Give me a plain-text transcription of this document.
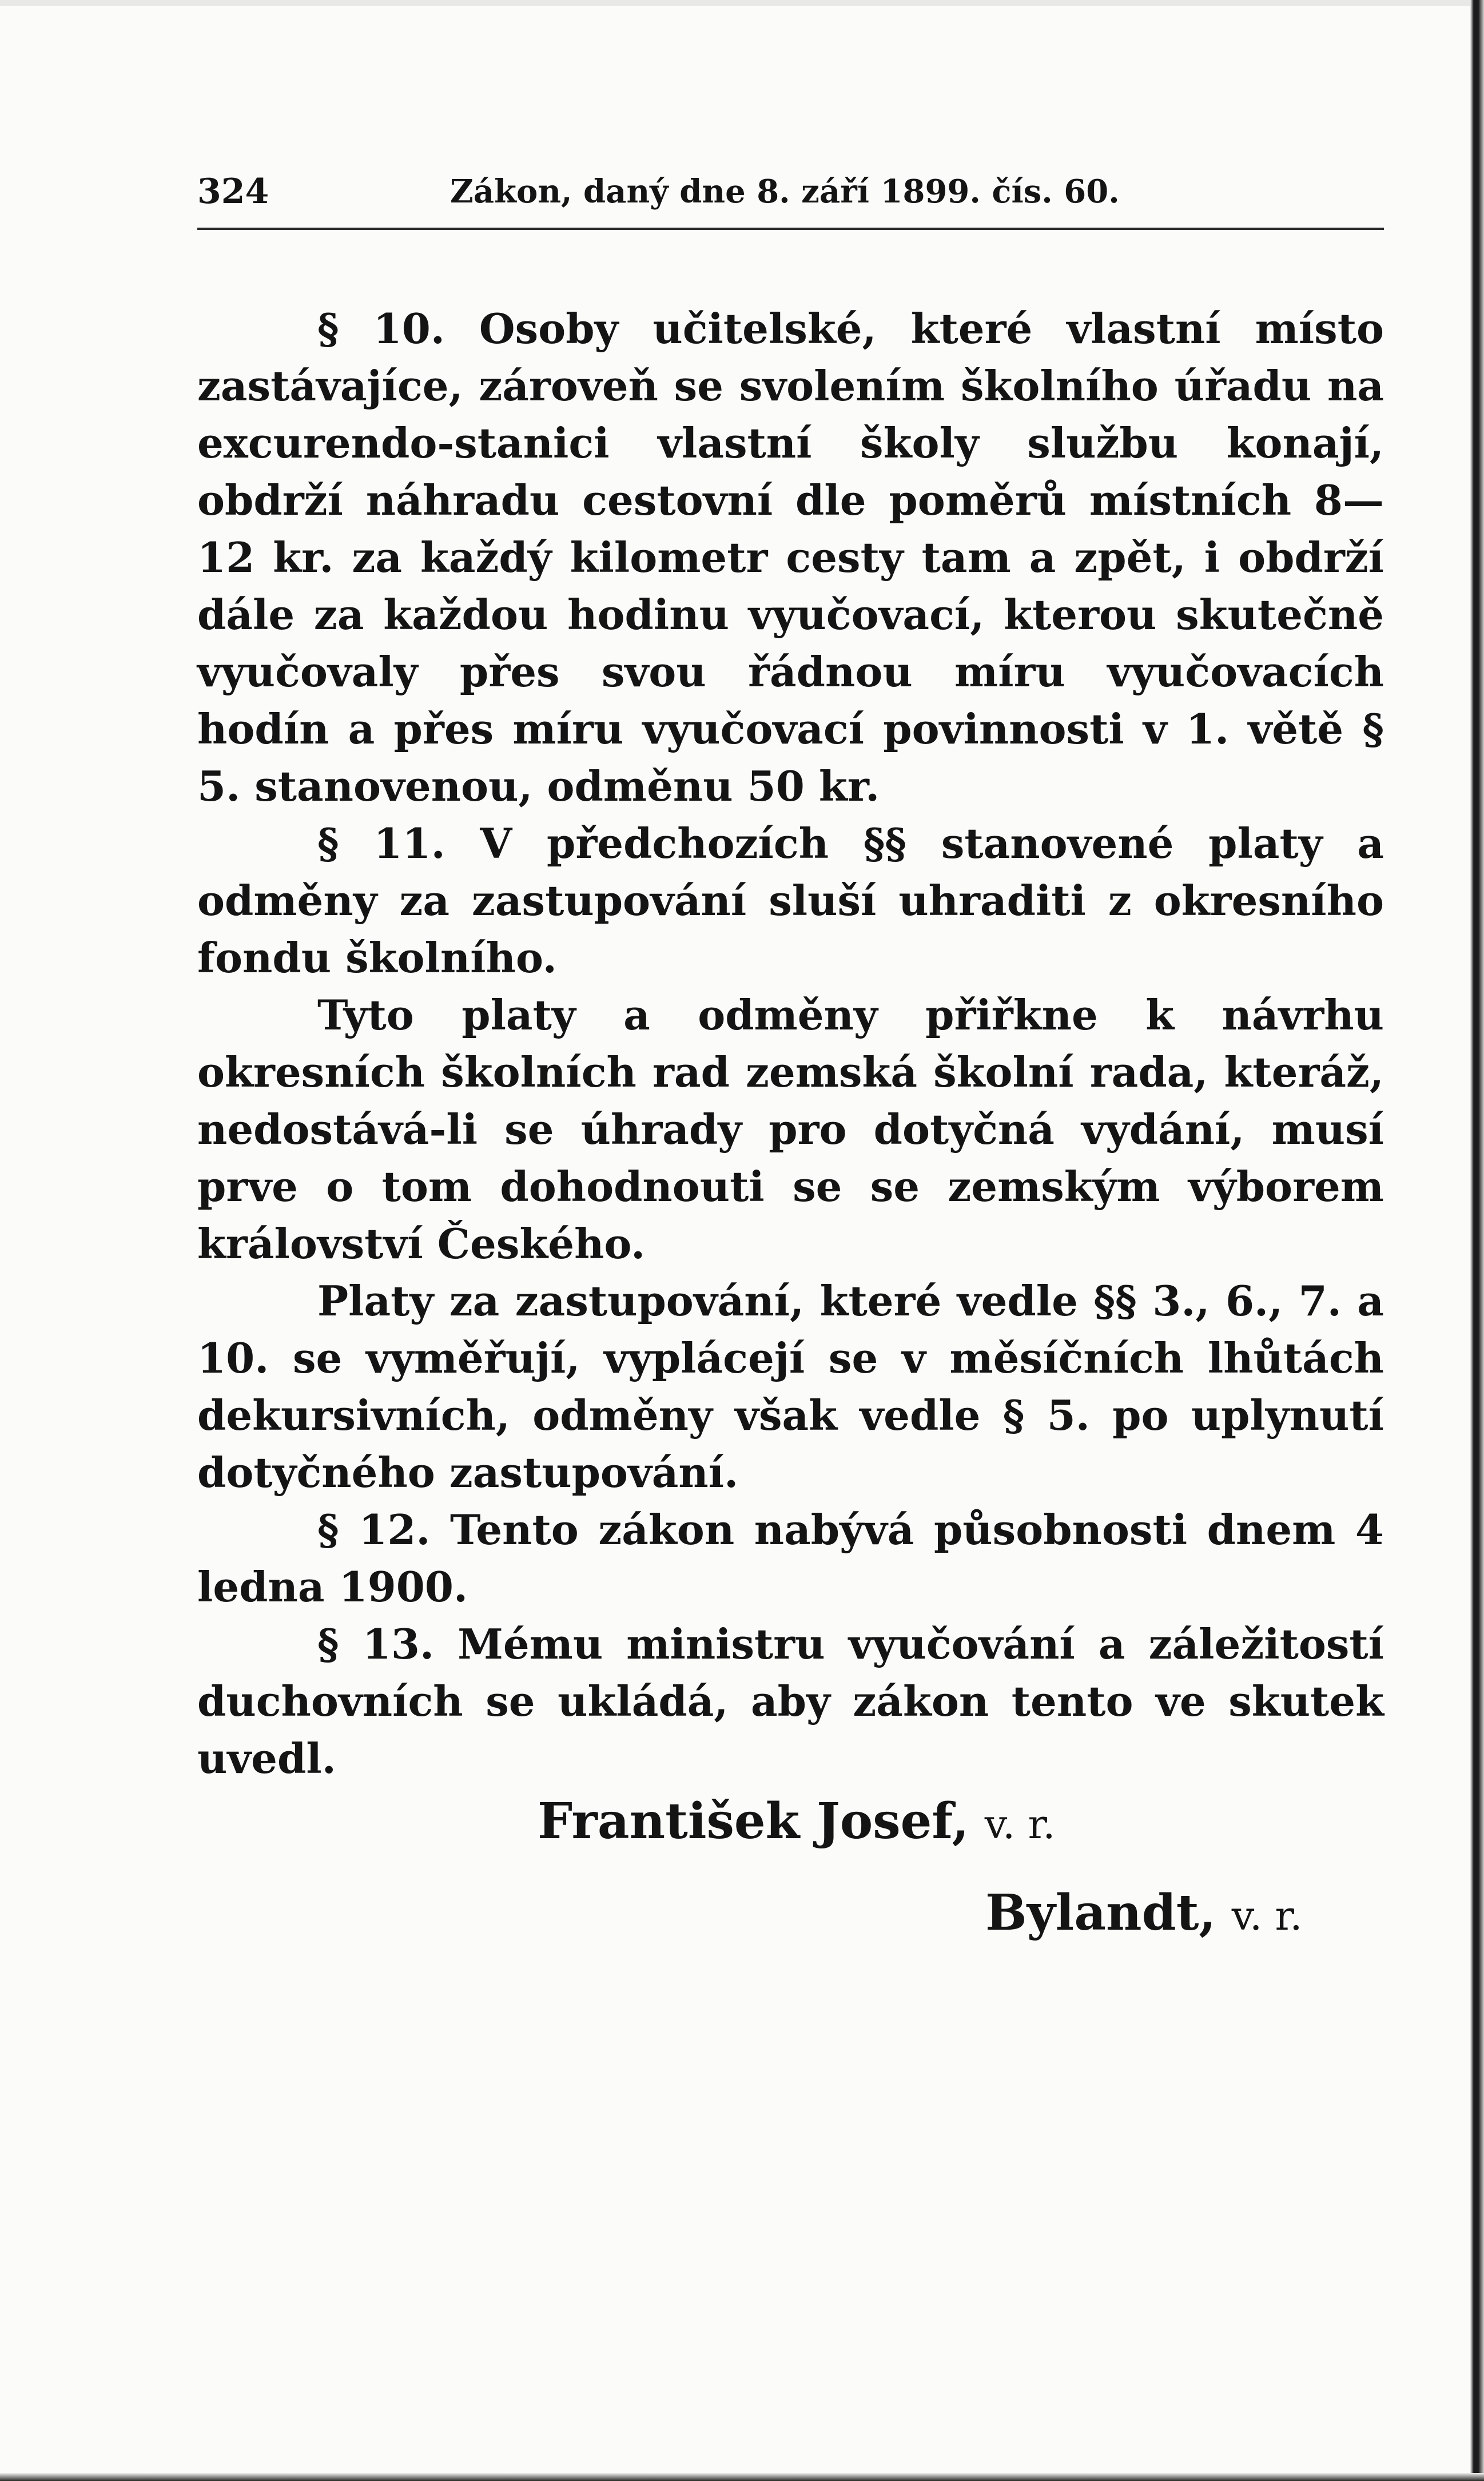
324	Zákon, daný dne 8. září 1899. čís. 60.

§ 10. Osoby učitelské, které vlastní místo zastávajíce, zároveň se svolením školního úřadu na excurendo-stanici vlastní školy službu konají, obdrží náhradu cestovní dle poměrů místních 8—12 kr. za každý kilometr cesty tam a zpět, i obdrží dále za každou hodinu vyučovací, kterou skutečně vyučovaly přes svou řádnou míru vyučovacích hodín a přes míru vyučovací povinnosti v 1. větě § 5. stanovenou, odměnu 50 kr.

§ 11. V předchozích §§ stanovené platy a odměny za zastupování sluší uhraditi z okresního fondu školního.

Tyto platy a odměny přiřkne k návrhu okresních školních rad zemská školní rada, kteráž, nedostává-li se úhrady pro dotyčná vydání, musí prve o tom dohodnouti se se zemským výborem království Českého.

Platy za zastupování, které vedle §§ 3., 6., 7. a 10. se vyměřují, vyplácejí se v měsíčních lhůtách dekursivních, odměny však vedle § 5. po uplynutí dotyčného zastupování.

§ 12. Tento zákon nabývá působnosti dnem 4 ledna 1900.

§ 13. Mému ministru vyučování a záležitostí duchovních se ukládá, aby zákon tento ve skutek uvedl.

František Josef, v. r.
Bylandt, v. r.
